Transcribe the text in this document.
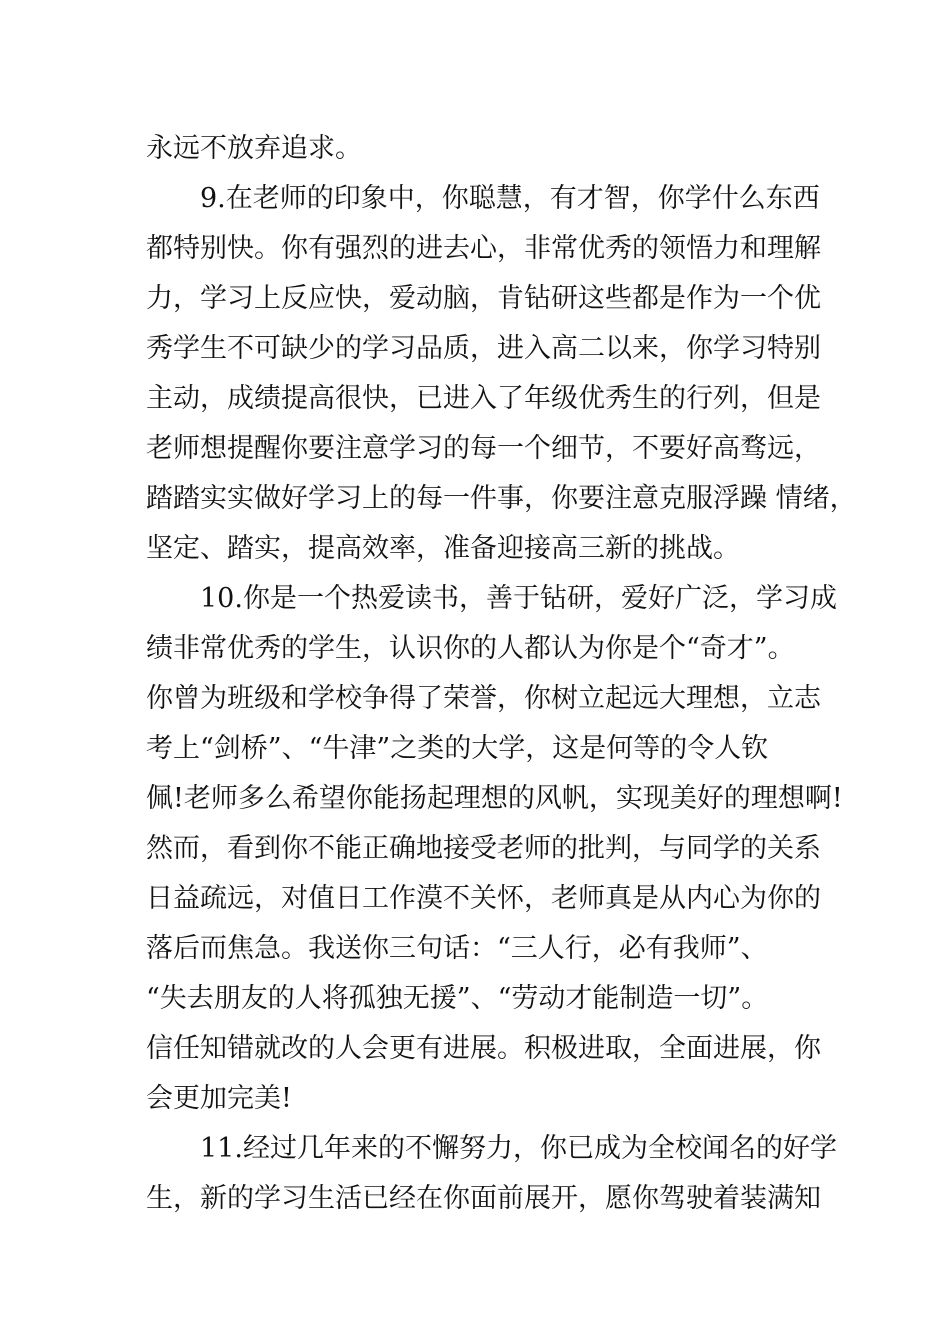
永远不放弃追求。
9.在老师的印象中，你聪慧，有才智，你学什么东西
都特别快。你有强烈的进去心，非常优秀的领悟力和理解
力，学习上反应快，爱动脑，肯钻研这些都是作为一个优
秀学生不可缺少的学习品质，进入高二以来，你学习特别
主动，成绩提高很快，已进入了年级优秀生的行列，但是
老师想提醒你要注意学习的每一个细节，不要好高骛远，
踏踏实实做好学习上的每一件事，你要注意克服浮躁 情绪，
坚定、踏实，提高效率，准备迎接高三新的挑战。
10.你是一个热爱读书，善于钻研，爱好广泛，学习成
绩非常优秀的学生，认识你的人都认为你是个“奇才”。
你曾为班级和学校争得了荣誉，你树立起远大理想，立志
考上“剑桥”、“牛津”之类的大学，这是何等的令人钦
佩!老师多么希望你能扬起理想的风帆，实现美好的理想啊!
然而，看到你不能正确地接受老师的批判，与同学的关系
日益疏远，对值日工作漠不关怀，老师真是从内心为你的
落后而焦急。我送你三句话：“三人行，必有我师”、
“失去朋友的人将孤独无援”、“劳动才能制造一切”。
信任知错就改的人会更有进展。积极进取，全面进展，你
会更加完美!
11.经过几年来的不懈努力，你已成为全校闻名的好学
生，新的学习生活已经在你面前展开，愿你驾驶着装满知
